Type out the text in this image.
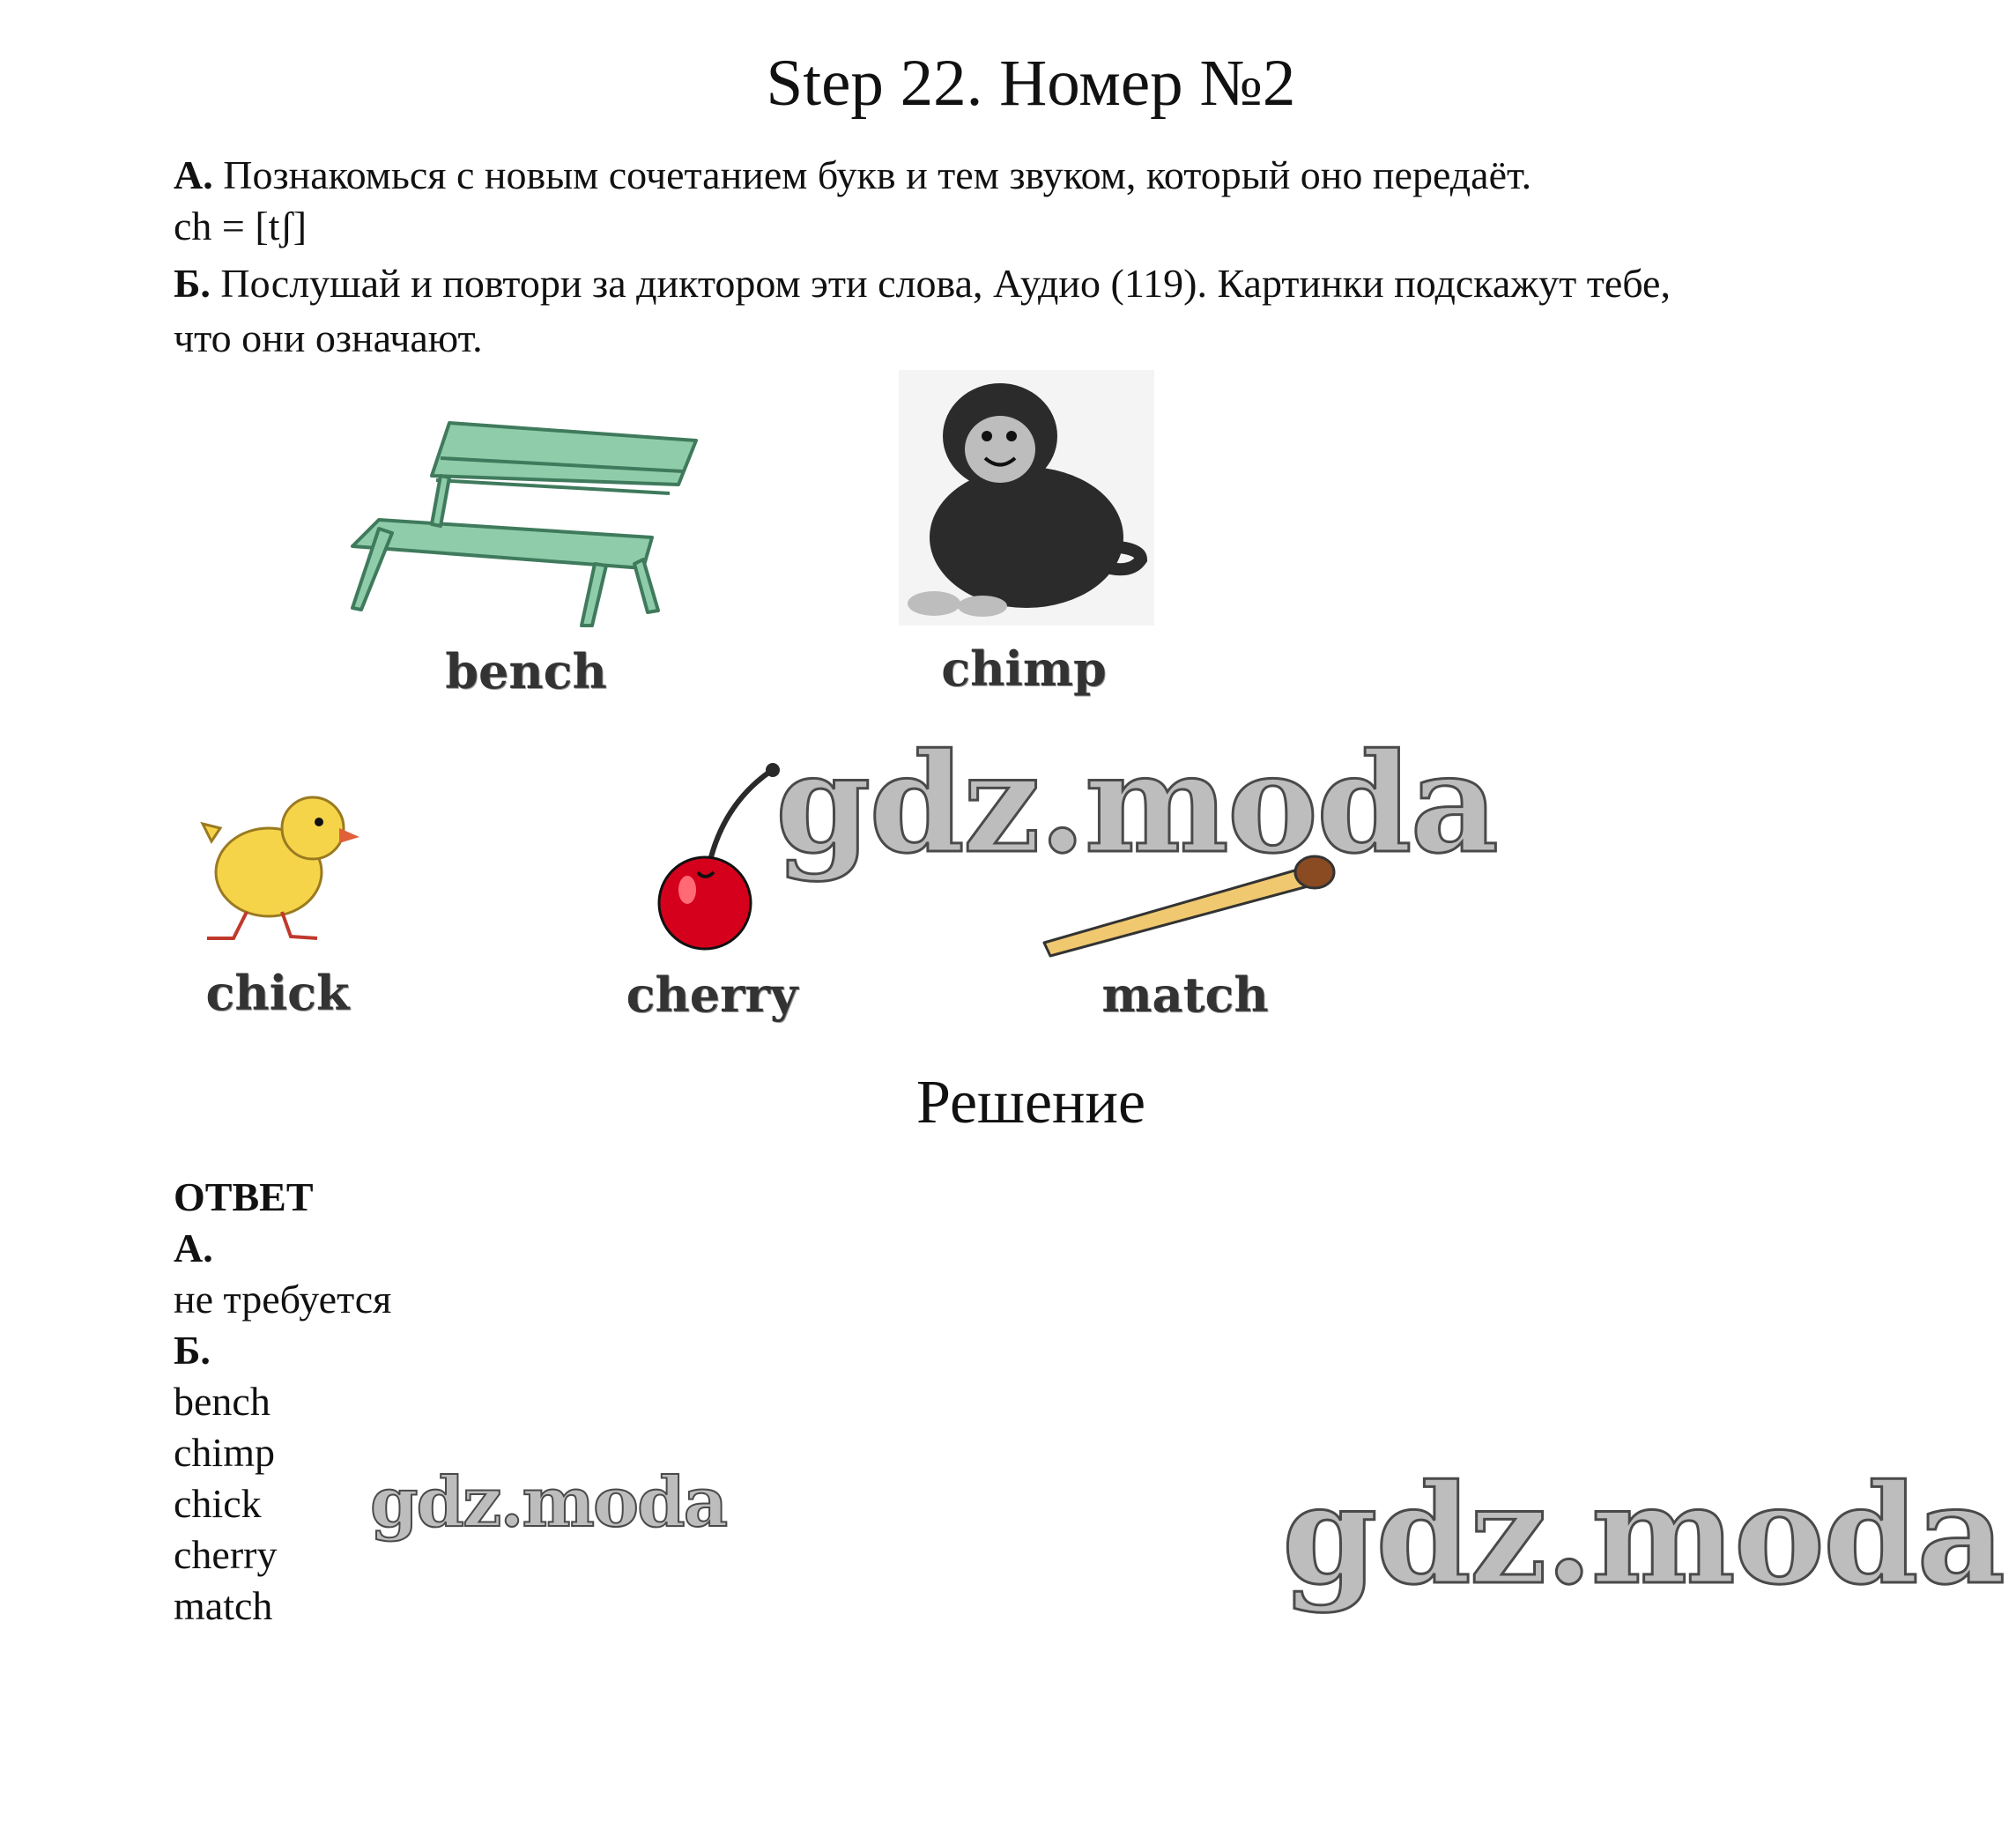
Step 22. Номер №2
А. Познакомься с новым сочетанием букв и тем звуком, который оно передаёт.
ch = [tʃ]
Б. Послушай и повтори за диктором эти слова, Аудио (119). Картинки подскажут тебе,
что они означают.
bench	chimp
chick	cherry	match
gdz.moda
gdz.moda	gdz.moda
Решение
ОТВЕТ
А.
не требуется
Б.
bench
chimp
chick
cherry
match
